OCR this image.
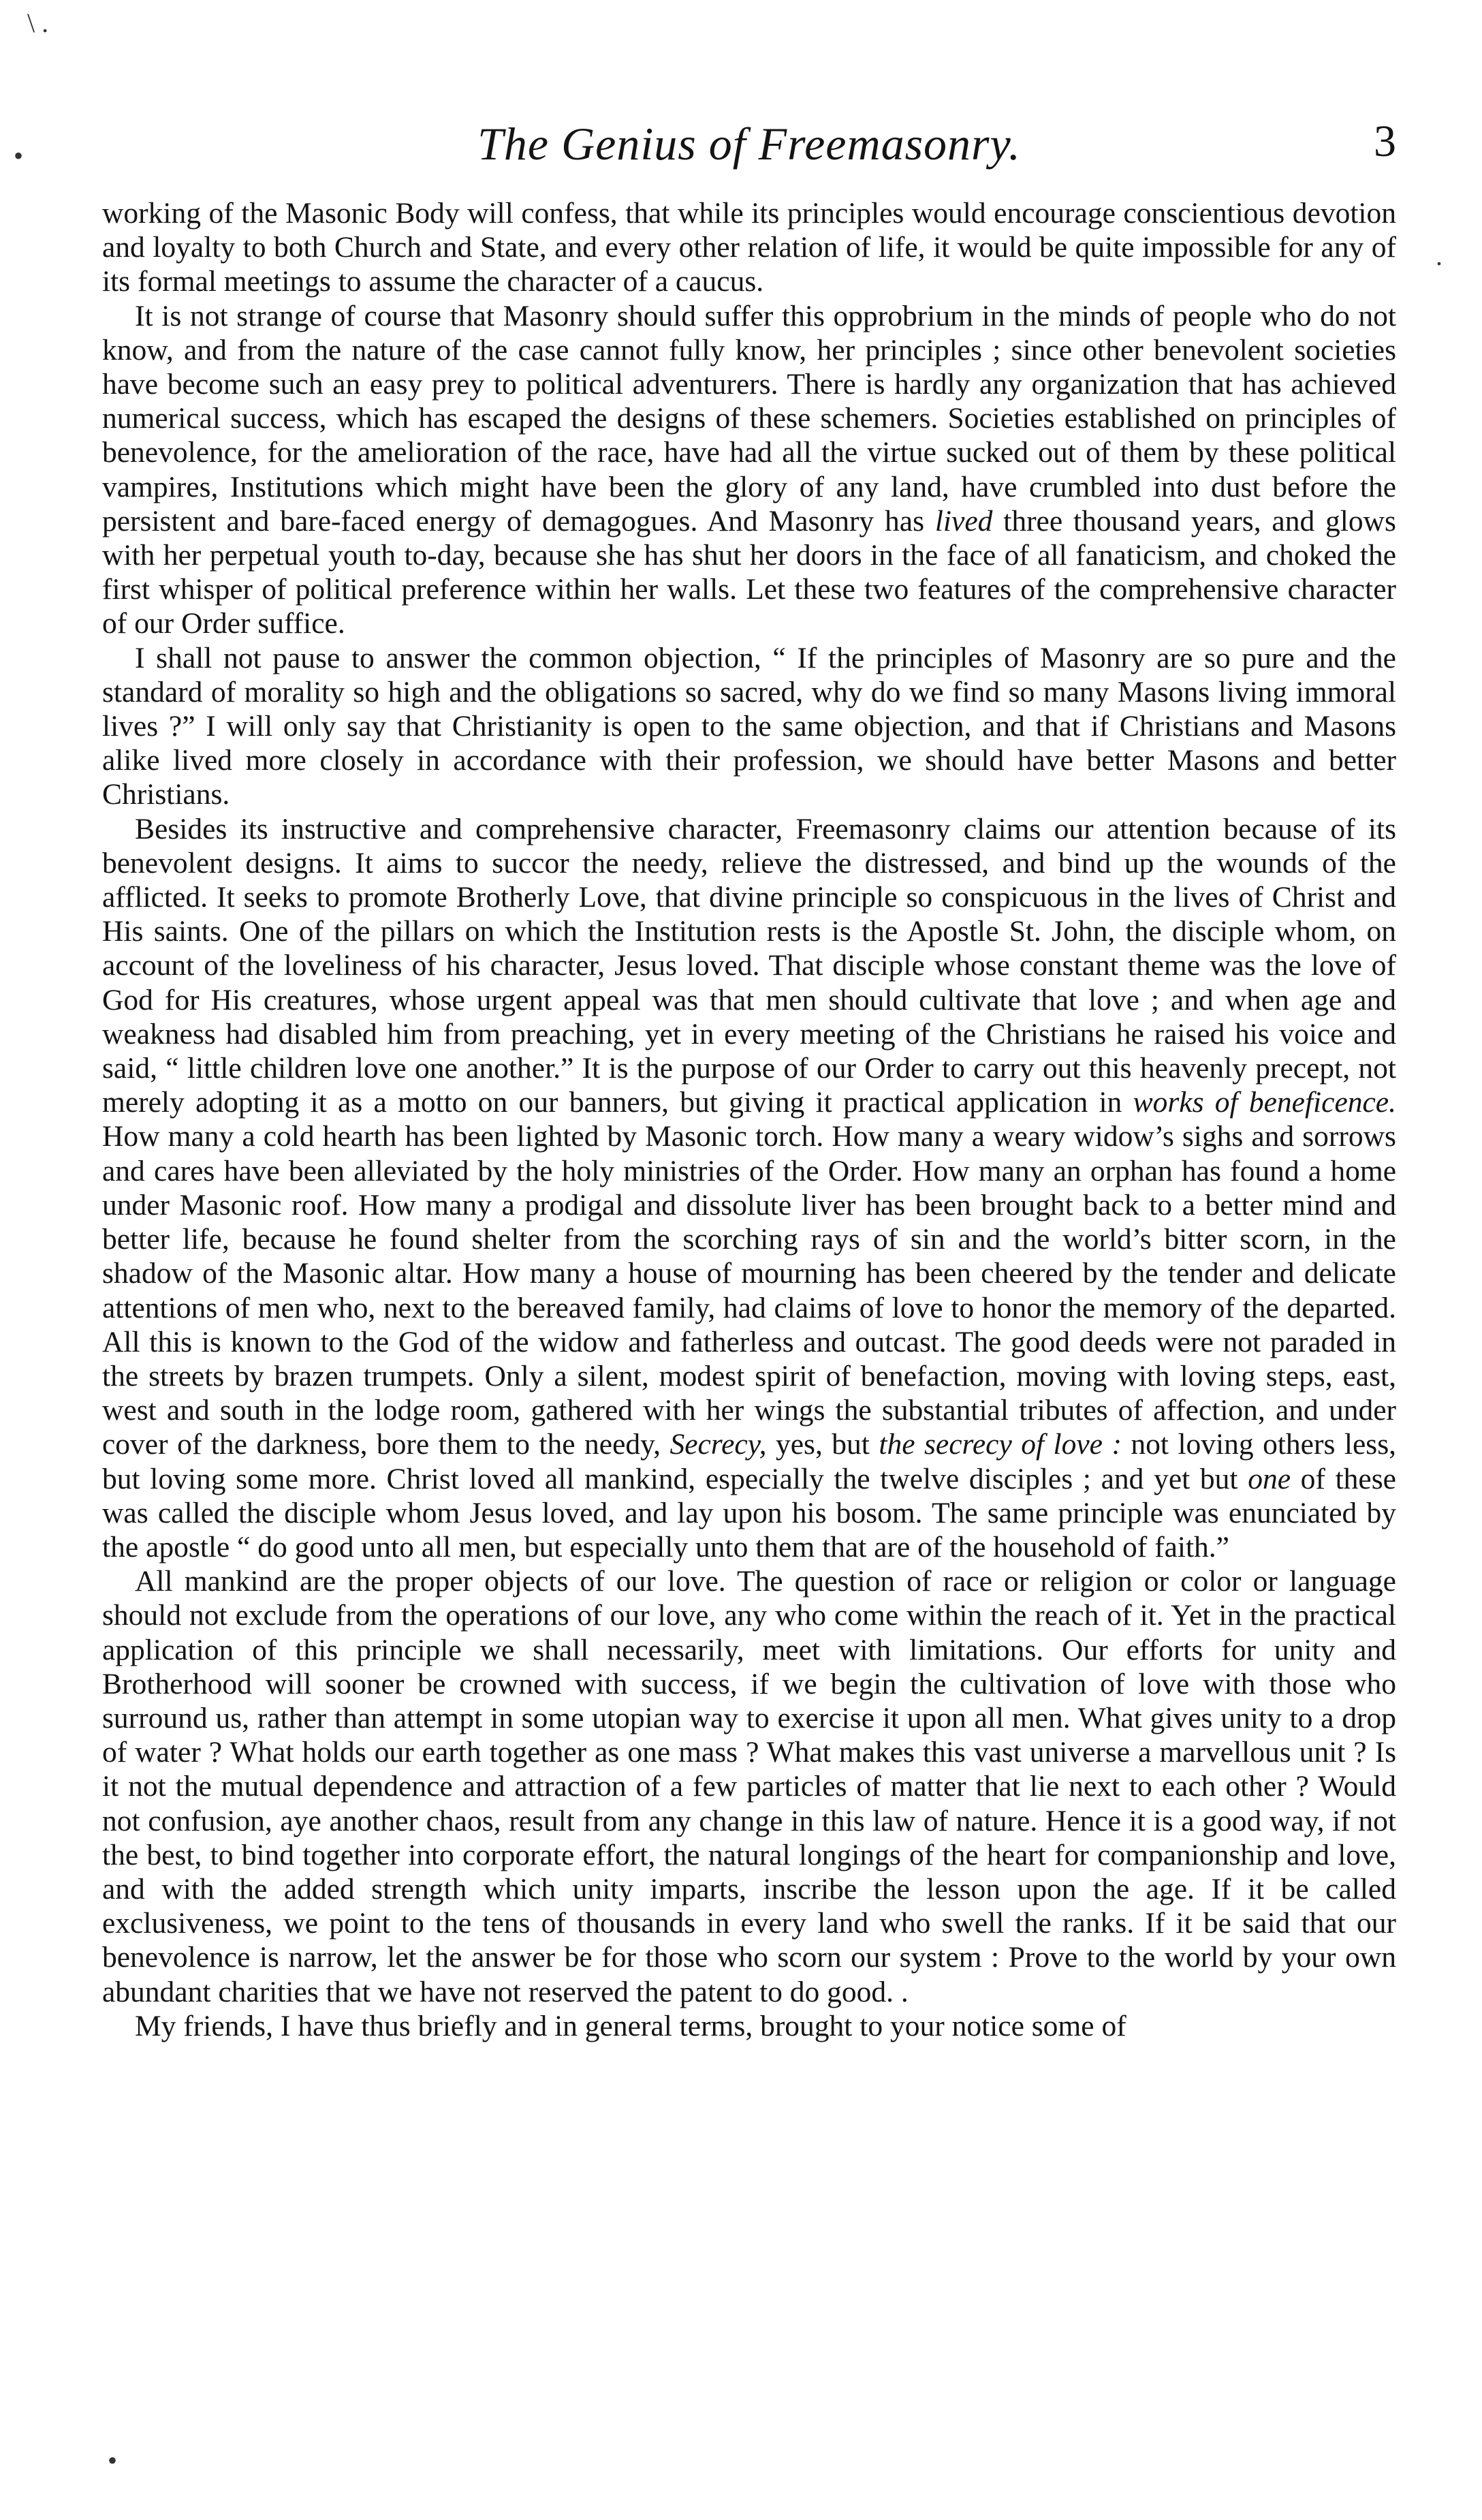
\ .
•
.
•
The Genius of Freemasonry.	3

working of the Masonic Body will confess, that while its principles would encourage conscientious devotion and loyalty to both Church and State, and every other relation of life, it would be quite impossible for any of its formal meetings to assume the character of a caucus.

It is not strange of course that Masonry should suffer this opprobrium in the minds of people who do not know, and from the nature of the case cannot fully know, her principles ; since other benevolent societies have become such an easy prey to political adventurers. There is hardly any organization that has achieved numerical success, which has escaped the designs of these schemers. Societies established on principles of benevolence, for the amelioration of the race, have had all the virtue sucked out of them by these political vampires, Institutions which might have been the glory of any land, have crumbled into dust before the persistent and bare-faced energy of demagogues. And Masonry has lived three thousand years, and glows with her perpetual youth to-day, because she has shut her doors in the face of all fanaticism, and choked the first whisper of political preference within her walls. Let these two features of the comprehensive character of our Order suffice.

I shall not pause to answer the common objection, “ If the principles of Masonry are so pure and the standard of morality so high and the obligations so sacred, why do we find so many Masons living immoral lives ?” I will only say that Christianity is open to the same objection, and that if Christians and Masons alike lived more closely in accordance with their profession, we should have better Masons and better Christians.

Besides its instructive and comprehensive character, Freemasonry claims our attention because of its benevolent designs. It aims to succor the needy, relieve the distressed, and bind up the wounds of the afflicted. It seeks to promote Brotherly Love, that divine principle so conspicuous in the lives of Christ and His saints. One of the pillars on which the Institution rests is the Apostle St. John, the disciple whom, on account of the loveliness of his character, Jesus loved. That disciple whose constant theme was the love of God for His creatures, whose urgent appeal was that men should cultivate that love ; and when age and weakness had disabled him from preaching, yet in every meeting of the Christians he raised his voice and said, “ little children love one another.” It is the purpose of our Order to carry out this heavenly precept, not merely adopting it as a motto on our banners, but giving it practical application in works of beneficence. How many a cold hearth has been lighted by Masonic torch. How many a weary widow’s sighs and sorrows and cares have been alleviated by the holy ministries of the Order. How many an orphan has found a home under Masonic roof. How many a prodigal and dissolute liver has been brought back to a better mind and better life, because he found shelter from the scorching rays of sin and the world’s bitter scorn, in the shadow of the Masonic altar. How many a house of mourning has been cheered by the tender and delicate attentions of men who, next to the bereaved family, had claims of love to honor the memory of the departed. All this is known to the God of the widow and fatherless and outcast. The good deeds were not paraded in the streets by brazen trumpets. Only a silent, modest spirit of benefaction, moving with loving steps, east, west and south in the lodge room, gathered with her wings the substantial tributes of affection, and under cover of the darkness, bore them to the needy, Secrecy, yes, but the secrecy of love : not loving others less, but loving some more. Christ loved all mankind, especially the twelve disciples ; and yet but one of these was called the disciple whom Jesus loved, and lay upon his bosom. The same principle was enunciated by the apostle “ do good unto all men, but especially unto them that are of the household of faith.”

All mankind are the proper objects of our love. The question of race or religion or color or language should not exclude from the operations of our love, any who come within the reach of it. Yet in the practical application of this principle we shall necessarily, meet with limitations. Our efforts for unity and Brotherhood will sooner be crowned with success, if we begin the cultivation of love with those who surround us, rather than attempt in some utopian way to exercise it upon all men. What gives unity to a drop of water ? What holds our earth together as one mass ? What makes this vast universe a marvellous unit ? Is it not the mutual dependence and attraction of a few particles of matter that lie next to each other ? Would not confusion, aye another chaos, result from any change in this law of nature. Hence it is a good way, if not the best, to bind together into corporate effort, the natural longings of the heart for companionship and love, and with the added strength which unity imparts, inscribe the lesson upon the age. If it be called exclusiveness, we point to the tens of thousands in every land who swell the ranks. If it be said that our benevolence is narrow, let the answer be for those who scorn our system : Prove to the world by your own abundant charities that we have not reserved the patent to do good. .

My friends, I have thus briefly and in general terms, brought to your notice some of
